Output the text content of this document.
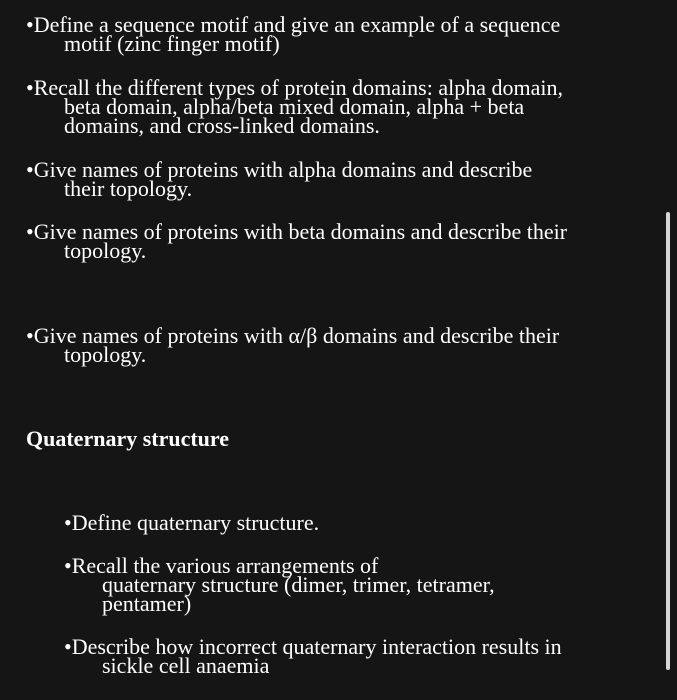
•Define a sequence motif and give an example of a sequence
motif (zinc finger motif)
•Recall the different types of protein domains: alpha domain,
beta domain, alpha/beta mixed domain, alpha + beta
domains, and cross-linked domains.
•Give names of proteins with alpha domains and describe
their topology.
•Give names of proteins with beta domains and describe their
topology.
•Give names of proteins with α/β domains and describe their
topology.
Quaternary structure
•Define quaternary structure.
•Recall the various arrangements of
quaternary structure (dimer, trimer, tetramer,
pentamer)
•Describe how incorrect quaternary interaction results in
sickle cell anaemia
